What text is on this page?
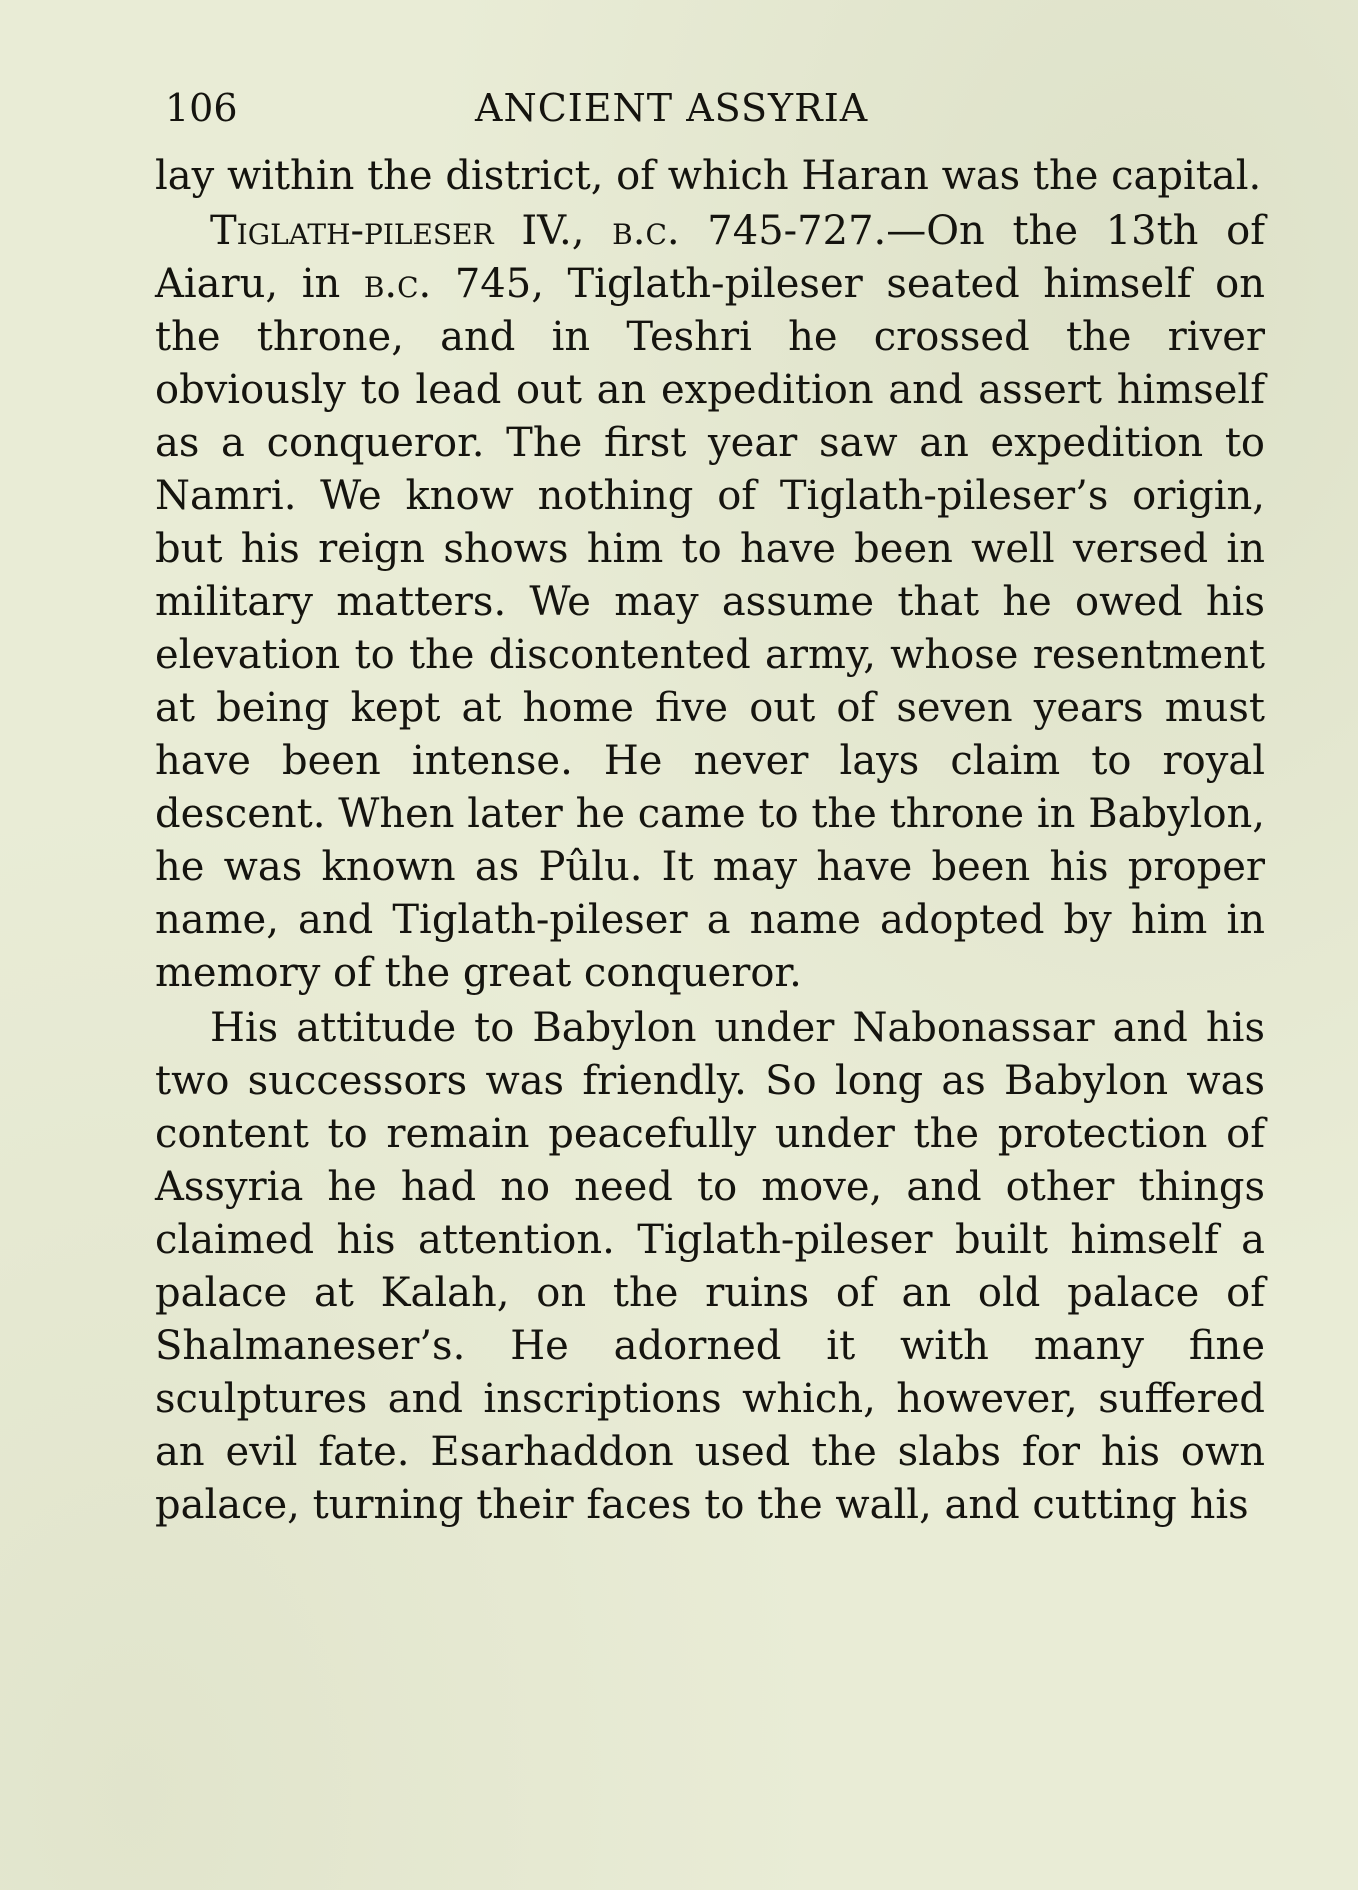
106	ANCIENT ASSYRIA

lay within the district, of which Haran was the capital.

Tiglath-pileser IV., b.c. 745-727.—On the 13th of Aiaru, in b.c. 745, Tiglath-pileser seated himself on the throne, and in Teshri he crossed the river obviously to lead out an expedition and assert himself as a conqueror. The first year saw an expedition to Namri. We know nothing of Tiglath-pileser’s origin, but his reign shows him to have been well versed in military matters. We may assume that he owed his elevation to the discontented army, whose resentment at being kept at home five out of seven years must have been intense. He never lays claim to royal descent. When later he came to the throne in Babylon, he was known as Pûlu. It may have been his proper name, and Tiglath-pileser a name adopted by him in memory of the great conqueror.

His attitude to Babylon under Nabonassar and his two successors was friendly. So long as Babylon was content to remain peacefully under the protection of Assyria he had no need to move, and other things claimed his attention. Tiglath-pileser built himself a palace at Kalah, on the ruins of an old palace of Shalmaneser’s. He adorned it with many fine sculptures and inscriptions which, however, suffered an evil fate. Esarhaddon used the slabs for his own palace, turning their faces to the wall, and cutting his
